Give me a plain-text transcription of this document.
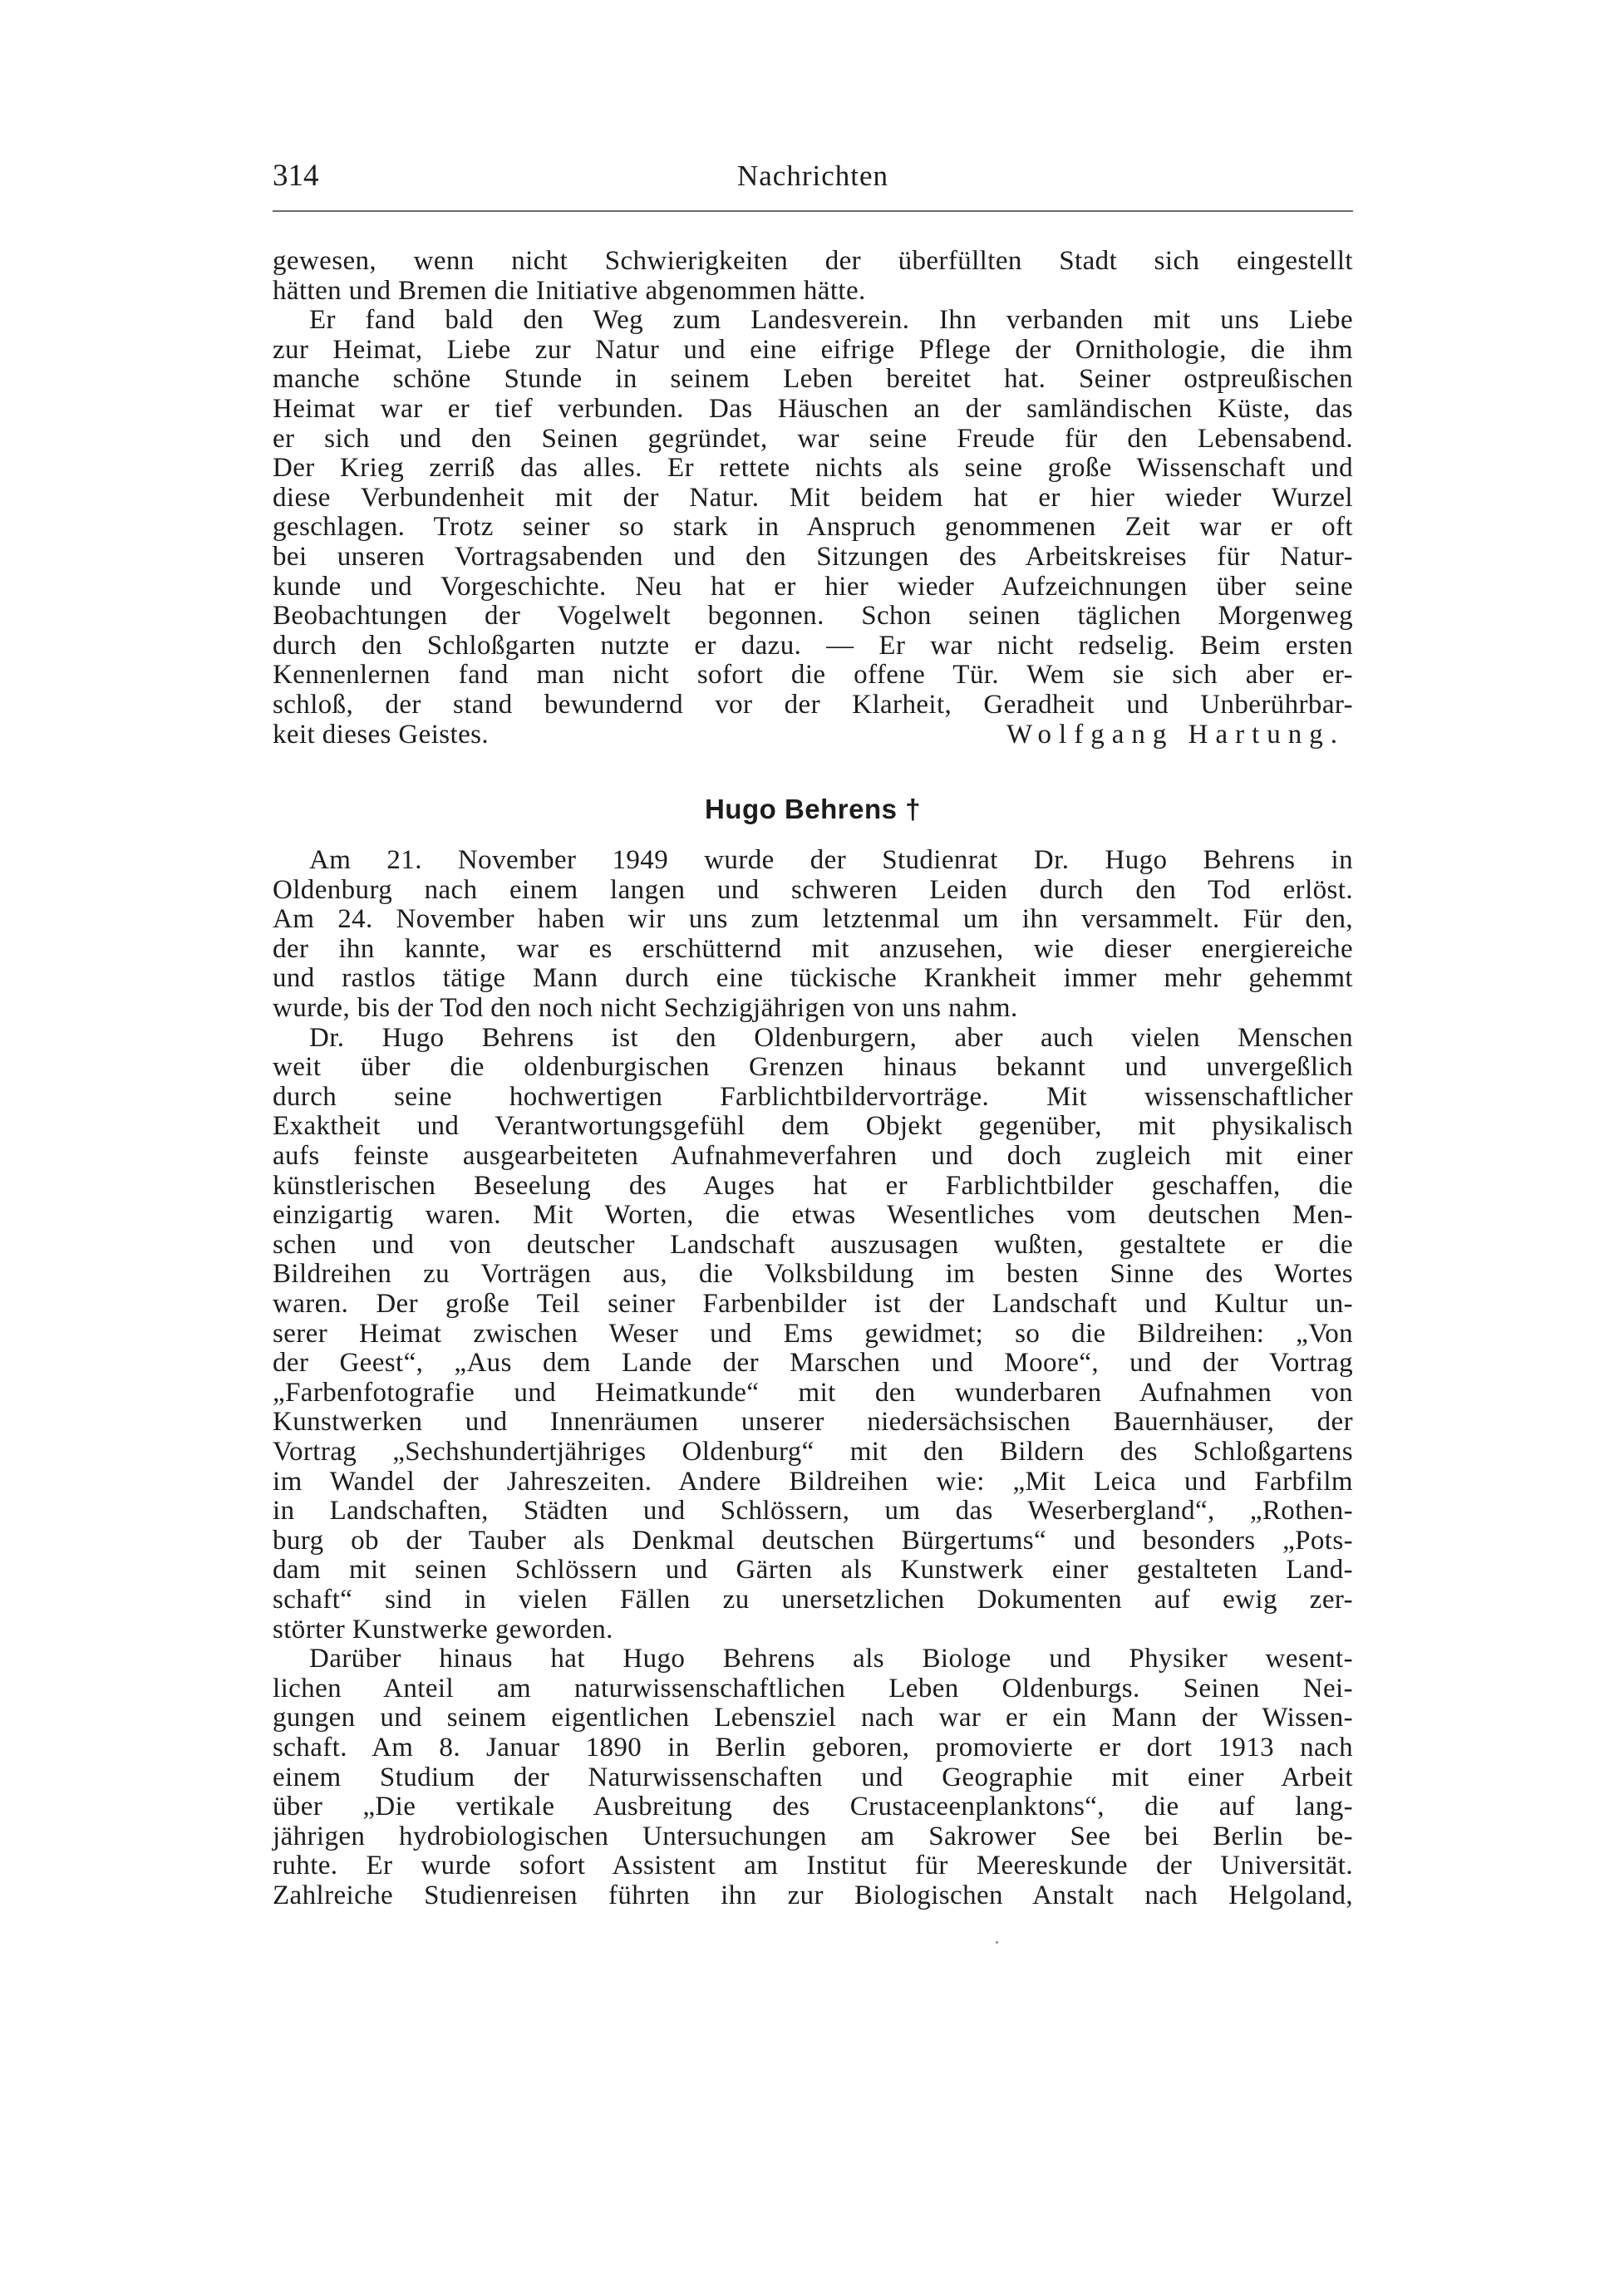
314	Nachrichten
gewesen, wenn nicht Schwierigkeiten der überfüllten Stadt sich eingestellt
hätten und Bremen die Initiative abgenommen hätte.
Er fand bald den Weg zum Landesverein. Ihn verbanden mit uns Liebe
zur Heimat, Liebe zur Natur und eine eifrige Pflege der Ornithologie, die ihm
manche schöne Stunde in seinem Leben bereitet hat. Seiner ostpreußischen
Heimat war er tief verbunden. Das Häuschen an der samländischen Küste, das
er sich und den Seinen gegründet, war seine Freude für den Lebensabend.
Der Krieg zerriß das alles. Er rettete nichts als seine große Wissenschaft und
diese Verbundenheit mit der Natur. Mit beidem hat er hier wieder Wurzel
geschlagen. Trotz seiner so stark in Anspruch genommenen Zeit war er oft
bei unseren Vortragsabenden und den Sitzungen des Arbeitskreises für Natur-
kunde und Vorgeschichte. Neu hat er hier wieder Aufzeichnungen über seine
Beobachtungen der Vogelwelt begonnen. Schon seinen täglichen Morgenweg
durch den Schloßgarten nutzte er dazu. — Er war nicht redselig. Beim ersten
Kennenlernen fand man nicht sofort die offene Tür. Wem sie sich aber er-
schloß, der stand bewundernd vor der Klarheit, Geradheit und Unberührbar-
keit dieses Geistes.	Wolfgang Hartung.
Hugo Behrens †
Am 21. November 1949 wurde der Studienrat Dr. Hugo Behrens in
Oldenburg nach einem langen und schweren Leiden durch den Tod erlöst.
Am 24. November haben wir uns zum letztenmal um ihn versammelt. Für den,
der ihn kannte, war es erschütternd mit anzusehen, wie dieser energiereiche
und rastlos tätige Mann durch eine tückische Krankheit immer mehr gehemmt
wurde, bis der Tod den noch nicht Sechzigjährigen von uns nahm.
Dr. Hugo Behrens ist den Oldenburgern, aber auch vielen Menschen
weit über die oldenburgischen Grenzen hinaus bekannt und unvergeßlich
durch seine hochwertigen Farblichtbildervorträge. Mit wissenschaftlicher
Exaktheit und Verantwortungsgefühl dem Objekt gegenüber, mit physikalisch
aufs feinste ausgearbeiteten Aufnahmeverfahren und doch zugleich mit einer
künstlerischen Beseelung des Auges hat er Farblichtbilder geschaffen, die
einzigartig waren. Mit Worten, die etwas Wesentliches vom deutschen Men-
schen und von deutscher Landschaft auszusagen wußten, gestaltete er die
Bildreihen zu Vorträgen aus, die Volksbildung im besten Sinne des Wortes
waren. Der große Teil seiner Farbenbilder ist der Landschaft und Kultur un-
serer Heimat zwischen Weser und Ems gewidmet; so die Bildreihen: „Von
der Geest“, „Aus dem Lande der Marschen und Moore“, und der Vortrag
„Farbenfotografie und Heimatkunde“ mit den wunderbaren Aufnahmen von
Kunstwerken und Innenräumen unserer niedersächsischen Bauernhäuser, der
Vortrag „Sechshundertjähriges Oldenburg“ mit den Bildern des Schloßgartens
im Wandel der Jahreszeiten. Andere Bildreihen wie: „Mit Leica und Farbfilm
in Landschaften, Städten und Schlössern, um das Weserbergland“, „Rothen-
burg ob der Tauber als Denkmal deutschen Bürgertums“ und besonders „Pots-
dam mit seinen Schlössern und Gärten als Kunstwerk einer gestalteten Land-
schaft“ sind in vielen Fällen zu unersetzlichen Dokumenten auf ewig zer-
störter Kunstwerke geworden.
Darüber hinaus hat Hugo Behrens als Biologe und Physiker wesent-
lichen Anteil am naturwissenschaftlichen Leben Oldenburgs. Seinen Nei-
gungen und seinem eigentlichen Lebensziel nach war er ein Mann der Wissen-
schaft. Am 8. Januar 1890 in Berlin geboren, promovierte er dort 1913 nach
einem Studium der Naturwissenschaften und Geographie mit einer Arbeit
über „Die vertikale Ausbreitung des Crustaceenplanktons“, die auf lang-
jährigen hydrobiologischen Untersuchungen am Sakrower See bei Berlin be-
ruhte. Er wurde sofort Assistent am Institut für Meereskunde der Universität.
Zahlreiche Studienreisen führten ihn zur Biologischen Anstalt nach Helgoland,
